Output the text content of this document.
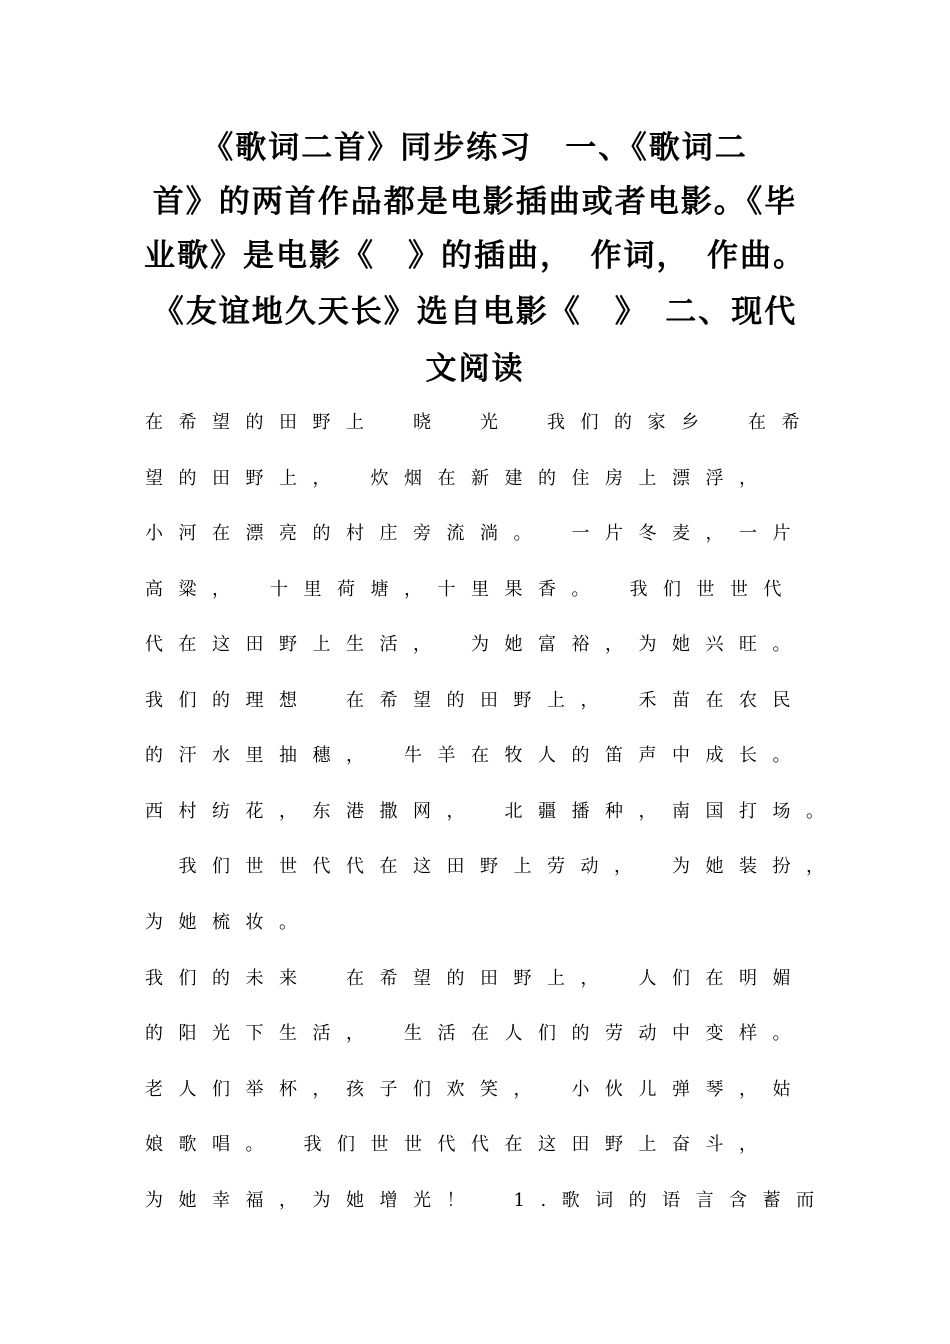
《歌词二首》同步练习　一、《歌词二
首》的两首作品都是电影插曲或者电影。《毕
业歌》是电影《　》的插曲，　作词，　作曲。
《友谊地久天长》选自电影《　》　二、现代
文阅读
在希望的田野上　晓　光　我们的家乡　在希
望的田野上，　炊烟在新建的住房上漂浮，
小河在漂亮的村庄旁流淌。　一片冬麦，一片
高粱，　十里荷塘，十里果香。　我们世世代
代在这田野上生活，　为她富裕，为她兴旺。
我们的理想　在希望的田野上，　禾苗在农民
的汗水里抽穗，　牛羊在牧人的笛声中成长。
西村纺花，东港撒网，　北疆播种，南国打场。
　我们世世代代在这田野上劳动，　为她装扮，
为她梳妆。
我们的未来　在希望的田野上，　人们在明媚
的阳光下生活，　生活在人们的劳动中变样。
老人们举杯，孩子们欢笑，　小伙儿弹琴，姑
娘歌唱。　我们世世代代在这田野上奋斗，
为她幸福，为她增光！　1.歌词的语言含蓄而
